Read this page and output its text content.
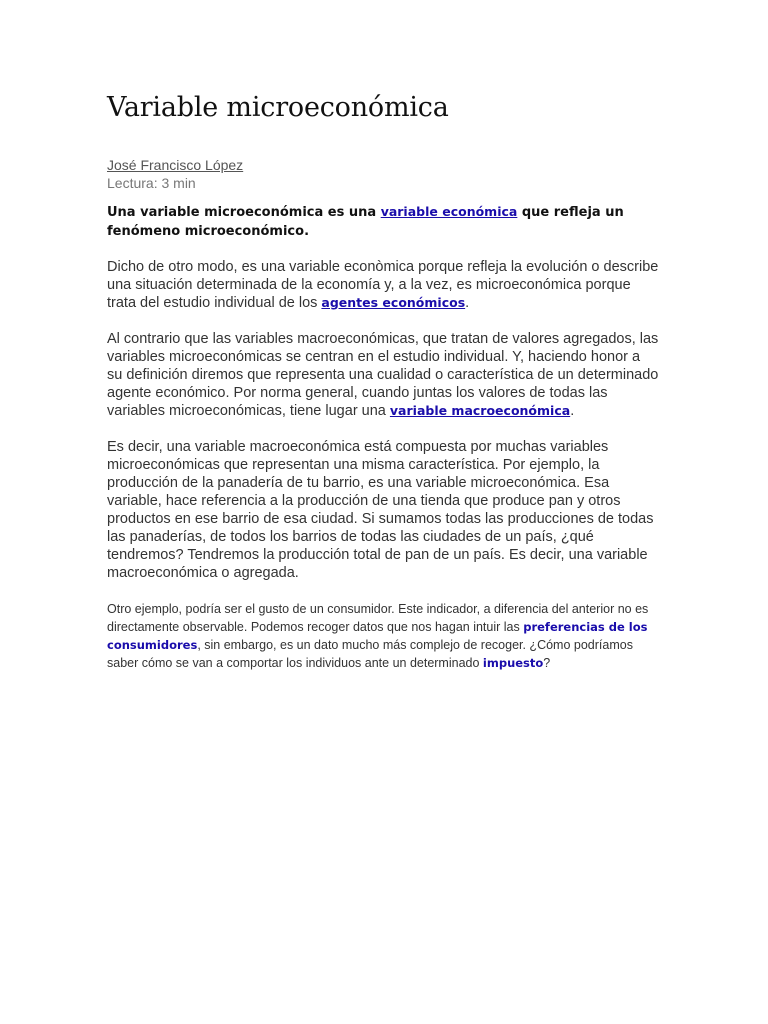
Variable microeconómica
José Francisco López
Lectura: 3 min

Una variable microeconómica es una variable económica que refleja un fenómeno microeconómico.

Dicho de otro modo, es una variable econòmica porque refleja la evolución o describe una situación determinada de la economía y, a la vez, es microeconómica porque trata del estudio individual de los agentes económicos.

Al contrario que las variables macroeconómicas, que tratan de valores agregados, las variables microeconómicas se centran en el estudio individual. Y, haciendo honor a su definición diremos que representa una cualidad o característica de un determinado agente económico. Por norma general, cuando juntas los valores de todas las variables microeconómicas, tiene lugar una variable macroeconómica.

Es decir, una variable macroeconómica está compuesta por muchas variables microeconómicas que representan una misma característica. Por ejemplo, la producción de la panadería de tu barrio, es una variable microeconómica. Esa variable, hace referencia a la producción de una tienda que produce pan y otros productos en ese barrio de esa ciudad. Si sumamos todas las producciones de todas las panaderías, de todos los barrios de todas las ciudades de un país, ¿qué tendremos? Tendremos la producción total de pan de un país. Es decir, una variable macroeconómica o agregada.

Otro ejemplo, podría ser el gusto de un consumidor. Este indicador, a diferencia del anterior no es directamente observable. Podemos recoger datos que nos hagan intuir las preferencias de los consumidores, sin embargo, es un dato mucho más complejo de recoger. ¿Cómo podríamos saber cómo se van a comportar los individuos ante un determinado impuesto?
